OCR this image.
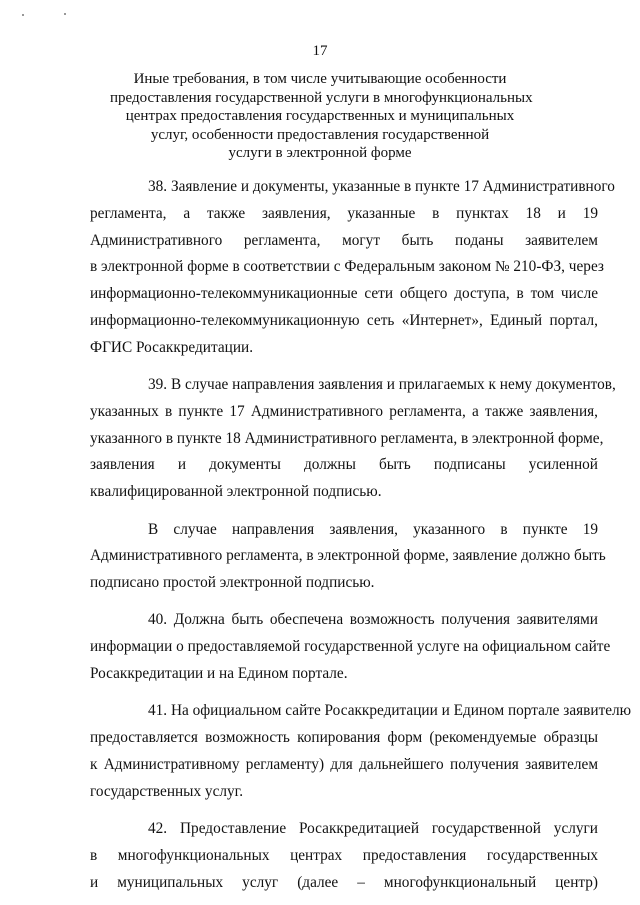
17
Иные требования, в том числе учитывающие особенности
предоставления государственной услуги в многофункциональных
центрах предоставления государственных и муниципальных
услуг, особенности предоставления государственной
услуги в электронной форме
38. Заявление и документы, указанные в пункте 17 Административного
регламента, а также заявления, указанные в пунктах 18 и 19
Административного регламента, могут быть поданы заявителем
в электронной форме в соответствии с Федеральным законом № 210-ФЗ, через
информационно-телекоммуникационные сети общего доступа, в том числе
информационно-телекоммуникационную сеть «Интернет», Единый портал,
ФГИС Росаккредитации.
39. В случае направления заявления и прилагаемых к нему документов,
указанных в пункте 17 Административного регламента, а также заявления,
указанного в пункте 18 Административного регламента, в электронной форме,
заявления и документы должны быть подписаны усиленной
квалифицированной электронной подписью.
В случае направления заявления, указанного в пункте 19
Административного регламента, в электронной форме, заявление должно быть
подписано простой электронной подписью.
40. Должна быть обеспечена возможность получения заявителями
информации о предоставляемой государственной услуге на официальном сайте
Росаккредитации и на Едином портале.
41. На официальном сайте Росаккредитации и Едином портале заявителю
предоставляется возможность копирования форм (рекомендуемые образцы
к Административному регламенту) для дальнейшего получения заявителем
государственных услуг.
42. Предоставление Росаккредитацией государственной услуги
в многофункциональных центрах предоставления государственных
и муниципальных услуг (далее – многофункциональный центр)
